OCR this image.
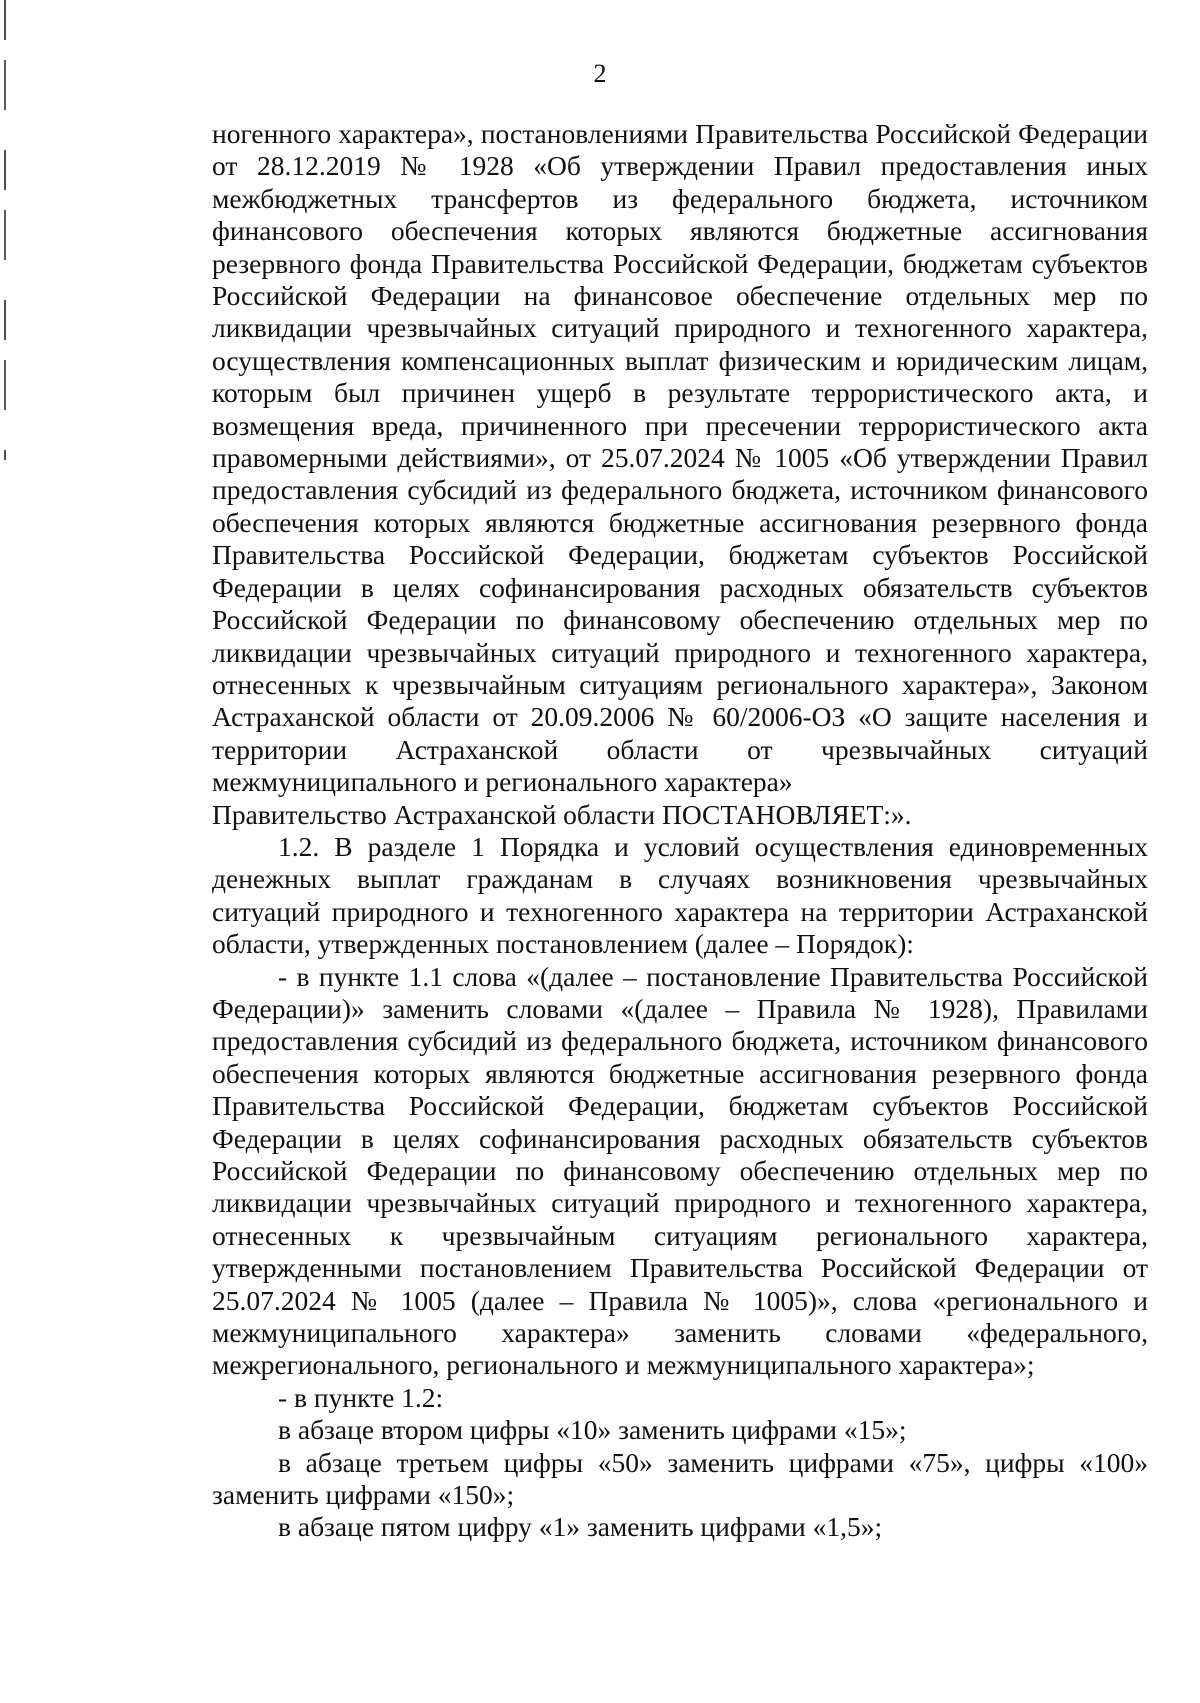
2

ногенного характера», постановлениями Правительства Российской Федерации от 28.12.2019 № 1928 «Об утверждении Правил предоставления иных межбюджетных трансфертов из федерального бюджета, источником финансового обеспечения которых являются бюджетные ассигнования резервного фонда Правительства Российской Федерации, бюджетам субъектов Российской Федерации на финансовое обеспечение отдельных мер по ликвидации чрезвычайных ситуаций природного и техногенного характера, осуществления компенсационных выплат физическим и юридическим лицам, которым был причинен ущерб в результате террористического акта, и возмещения вреда, причиненного при пресечении террористического акта правомерными действиями», от 25.07.2024 № 1005 «Об утверждении Правил предоставления субсидий из федерального бюджета, источником финансового обеспечения которых являются бюджетные ассигнования резервного фонда Правительства Российской Федерации, бюджетам субъектов Российской Федерации в целях софинансирования расходных обязательств субъектов Российской Федерации по финансовому обеспечению отдельных мер по ликвидации чрезвычайных ситуаций природного и техногенного характера, отнесенных к чрезвычайным ситуациям регионального характера», Законом Астраханской области от 20.09.2006 № 60/2006-ОЗ «О защите населения и территории Астраханской области от чрезвычайных ситуаций межмуниципального и регионального характера»

Правительство Астраханской области ПОСТАНОВЛЯЕТ:».

1.2. В разделе 1 Порядка и условий осуществления единовременных денежных выплат гражданам в случаях возникновения чрезвычайных ситуаций природного и техногенного характера на территории Астраханской области, утвержденных постановлением (далее – Порядок):

- в пункте 1.1 слова «(далее – постановление Правительства Российской Федерации)» заменить словами «(далее – Правила № 1928), Правилами предоставления субсидий из федерального бюджета, источником финансового обеспечения которых являются бюджетные ассигнования резервного фонда Правительства Российской Федерации, бюджетам субъектов Российской Федерации в целях софинансирования расходных обязательств субъектов Российской Федерации по финансовому обеспечению отдельных мер по ликвидации чрезвычайных ситуаций природного и техногенного характера, отнесенных к чрезвычайным ситуациям регионального характера, утвержденными постановлением Правительства Российской Федерации от 25.07.2024 № 1005 (далее – Правила № 1005)», слова «регионального и межмуниципального характера» заменить словами «федерального, межрегионального, регионального и межмуниципального характера»;

- в пункте 1.2:

в абзаце втором цифры «10» заменить цифрами «15»;

в абзаце третьем цифры «50» заменить цифрами «75», цифры «100» заменить цифрами «150»;

в абзаце пятом цифру «1» заменить цифрами «1,5»;
